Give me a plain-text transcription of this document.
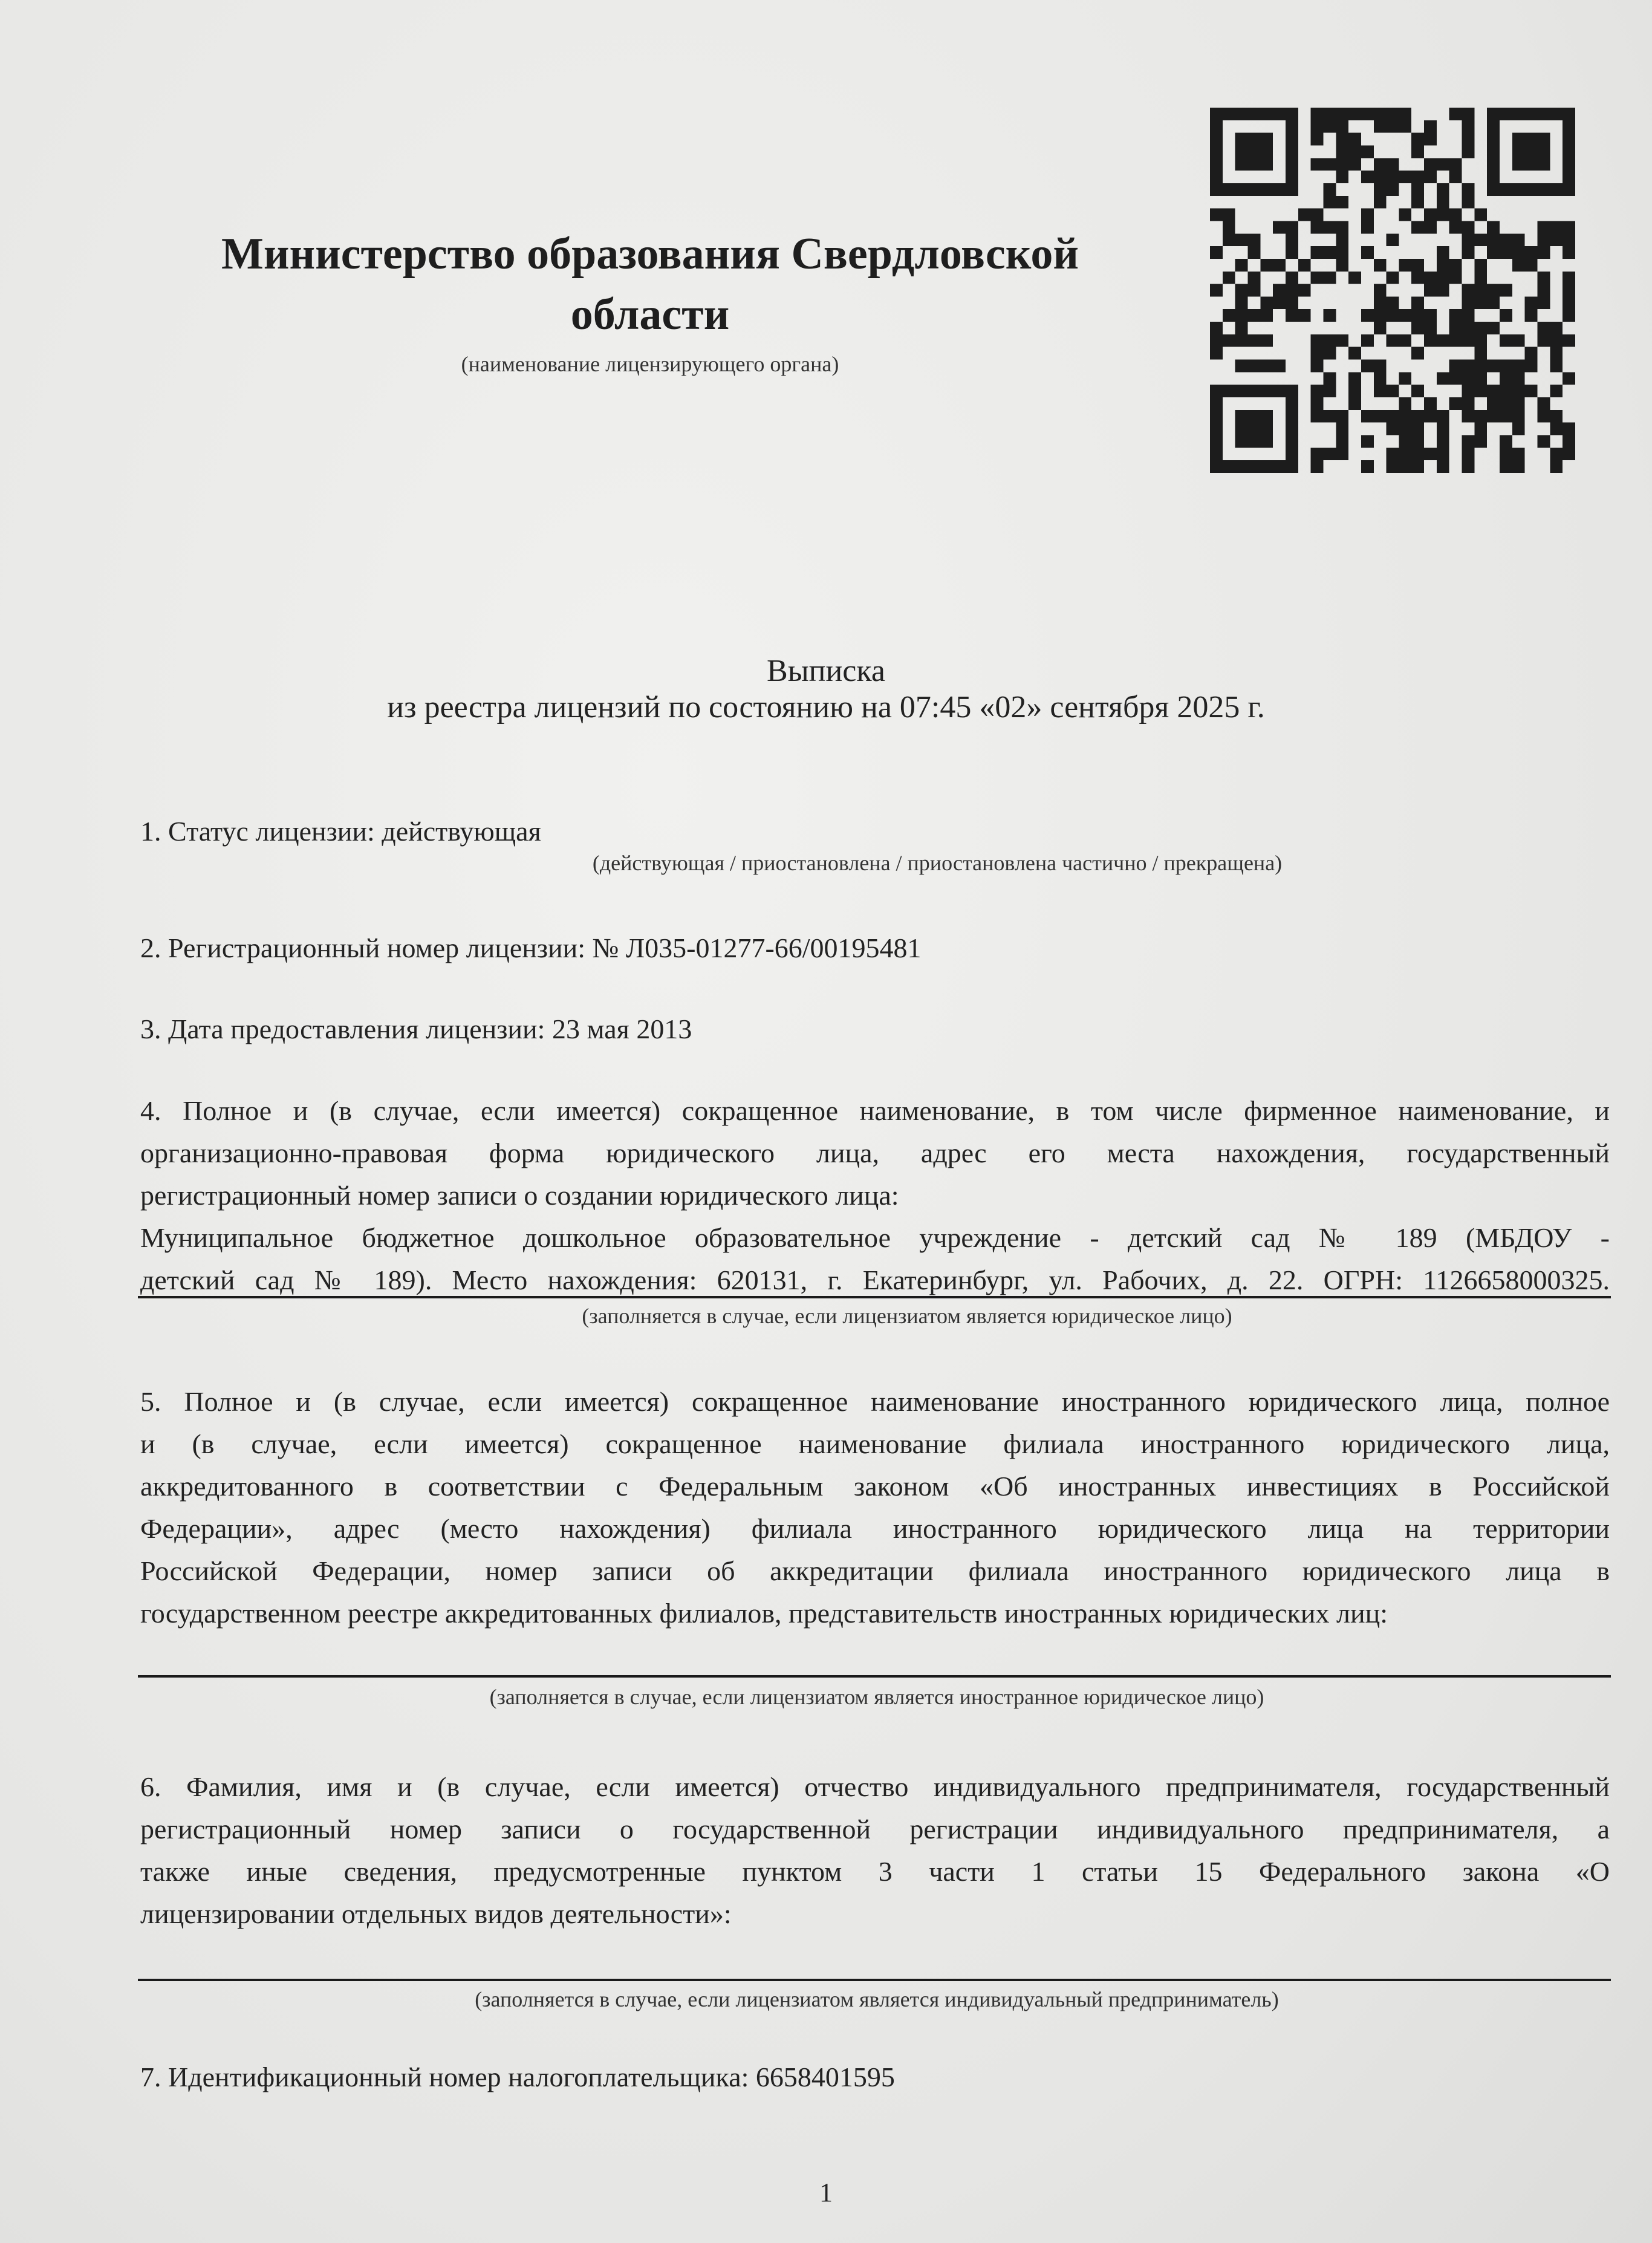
Министерство образования Свердловской
области
(наименование лицензирующего органа)
Выписка
из реестра лицензий по состоянию на 07:45 «02» сентября 2025 г.
1. Статус лицензии: действующая
(действующая / приостановлена / приостановлена частично / прекращена)
2. Регистрационный номер лицензии: № Л035-01277-66/00195481
3. Дата предоставления лицензии: 23 мая 2013
4. Полное и (в случае, если имеется) сокращенное наименование, в том числе фирменное наименование, и
организационно-правовая форма юридического лица, адрес его места нахождения, государственный
регистрационный номер записи о создании юридического лица:
Муниципальное бюджетное дошкольное образовательное учреждение - детский сад № 189 (МБДОУ -
детский сад № 189). Место нахождения: 620131, г. Екатеринбург, ул. Рабочих, д. 22. ОГРН: 1126658000325.
(заполняется в случае, если лицензиатом является юридическое лицо)
5. Полное и (в случае, если имеется) сокращенное наименование иностранного юридического лица, полное
и (в случае, если имеется) сокращенное наименование филиала иностранного юридического лица,
аккредитованного в соответствии с Федеральным законом «Об иностранных инвестициях в Российской
Федерации», адрес (место нахождения) филиала иностранного юридического лица на территории
Российской Федерации, номер записи об аккредитации филиала иностранного юридического лица в
государственном реестре аккредитованных филиалов, представительств иностранных юридических лиц:
(заполняется в случае, если лицензиатом является иностранное юридическое лицо)
6. Фамилия, имя и (в случае, если имеется) отчество индивидуального предпринимателя, государственный
регистрационный номер записи о государственной регистрации индивидуального предпринимателя, а
также иные сведения, предусмотренные пунктом 3 части 1 статьи 15 Федерального закона «О
лицензировании отдельных видов деятельности»:
(заполняется в случае, если лицензиатом является индивидуальный предприниматель)
7. Идентификационный номер налогоплательщика: 6658401595
1
